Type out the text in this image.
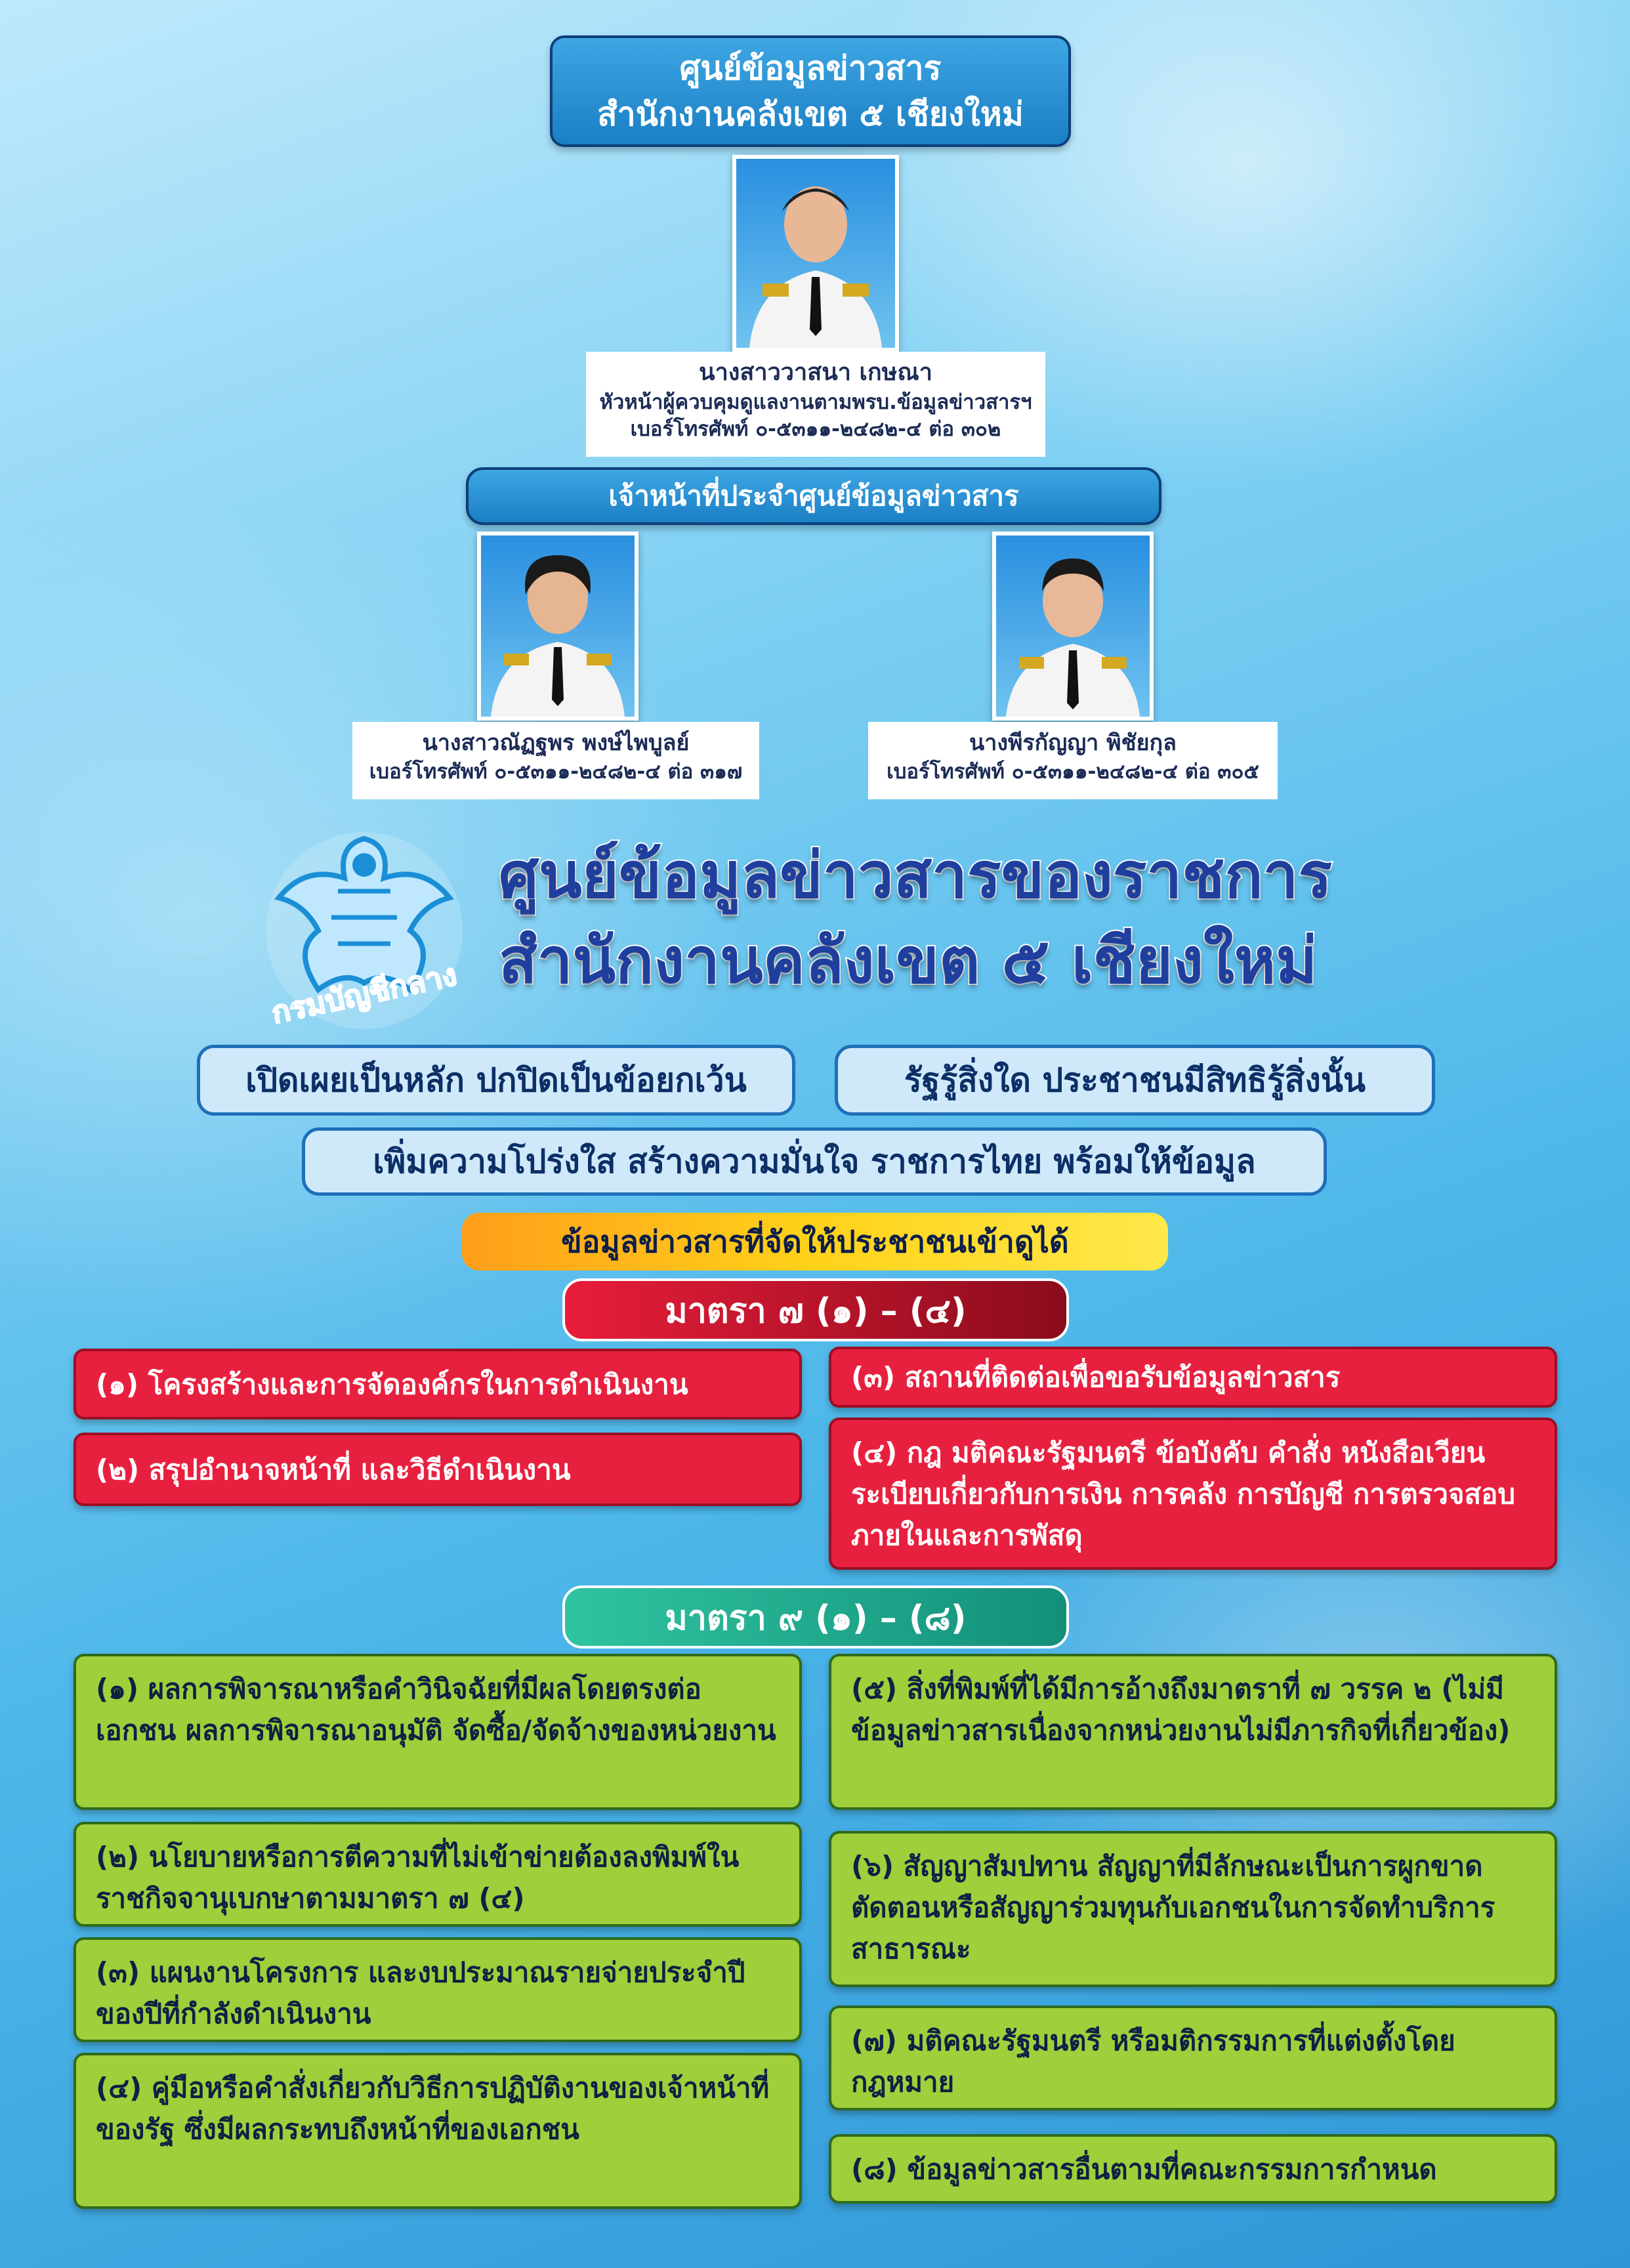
ศูนย์ข้อมูลข่าวสาร
สำนักงานคลังเขต ๕ เชียงใหม่
นางสาววาสนา เกษณา
หัวหน้าผู้ควบคุมดูแลงานตามพรบ.ข้อมูลข่าวสารฯ
เบอร์โทรศัพท์ ๐-๕๓๑๑-๒๔๘๒-๔ ต่อ ๓๐๒
เจ้าหน้าที่ประจำศูนย์ข้อมูลข่าวสาร
นางสาวณัฏฐพร พงษ์ไพบูลย์
เบอร์โทรศัพท์ ๐-๕๓๑๑-๒๔๘๒-๔ ต่อ ๓๑๗
นางพีรกัญญา พิชัยกุล
เบอร์โทรศัพท์ ๐-๕๓๑๑-๒๔๘๒-๔ ต่อ ๓๐๕
กรมบัญชีกลาง
ศูนย์ข้อมูลข่าวสารของราชการ
สำนักงานคลังเขต ๕ เชียงใหม่
เปิดเผยเป็นหลัก ปกปิดเป็นข้อยกเว้น	รัฐรู้สิ่งใด ประชาชนมีสิทธิรู้สิ่งนั้น
เพิ่มความโปร่งใส สร้างความมั่นใจ ราชการไทย พร้อมให้ข้อมูล
ข้อมูลข่าวสารที่จัดให้ประชาชนเข้าดูได้
มาตรา ๗ (๑) – (๔)
(๑) โครงสร้างและการจัดองค์กรในการดำเนินงาน
(๒) สรุปอำนาจหน้าที่ และวิธีดำเนินงาน
(๓) สถานที่ติดต่อเพื่อขอรับข้อมูลข่าวสาร
(๔) กฎ มติคณะรัฐมนตรี ข้อบังคับ คำสั่ง หนังสือเวียน ระเบียบเกี่ยวกับการเงิน การคลัง การบัญชี การตรวจสอบภายในและการพัสดุ
มาตรา ๙ (๑) – (๘)
(๑) ผลการพิจารณาหรือคำวินิจฉัยที่มีผลโดยตรงต่อเอกชน ผลการพิจารณาอนุมัติ จัดซื้อ/จัดจ้างของหน่วยงาน
(๒) นโยบายหรือการตีความที่ไม่เข้าข่ายต้องลงพิมพ์ในราชกิจจานุเบกษาตามมาตรา ๗ (๔)
(๓) แผนงานโครงการ และงบประมาณรายจ่ายประจำปีของปีที่กำลังดำเนินงาน
(๔) คู่มือหรือคำสั่งเกี่ยวกับวิธีการปฏิบัติงานของเจ้าหน้าที่ของรัฐ ซึ่งมีผลกระทบถึงหน้าที่ของเอกชน
(๕) สิ่งที่พิมพ์ที่ได้มีการอ้างถึงมาตราที่ ๗ วรรค ๒ (ไม่มีข้อมูลข่าวสารเนื่องจากหน่วยงานไม่มีภารกิจที่เกี่ยวข้อง)
(๖) สัญญาสัมปทาน สัญญาที่มีลักษณะเป็นการผูกขาดตัดตอนหรือสัญญาร่วมทุนกับเอกชนในการจัดทำบริการสาธารณะ
(๗) มติคณะรัฐมนตรี หรือมติกรรมการที่แต่งตั้งโดยกฎหมาย
(๘) ข้อมูลข่าวสารอื่นตามที่คณะกรรมการกำหนด
